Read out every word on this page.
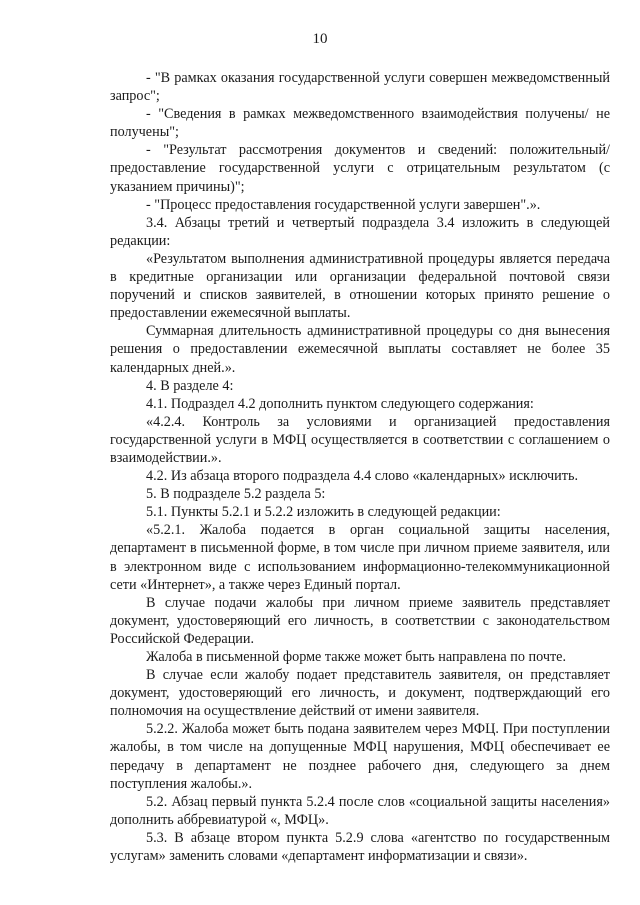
10

- "В рамках оказания государственной услуги совершен межведомственный запрос";

- "Сведения в рамках межведомственного взаимодействия получены/ не получены";

- "Результат рассмотрения документов и сведений: положительный/ предоставление государственной услуги с отрицательным результатом (с указанием причины)";

- "Процесс предоставления государственной услуги завершен".».

3.4. Абзацы третий и четвертый подраздела 3.4 изложить в следующей редакции:

«Результатом выполнения административной процедуры является передача в кредитные организации или организации федеральной почтовой связи поручений и списков заявителей, в отношении которых принято решение о предоставлении ежемесячной выплаты.

Суммарная длительность административной процедуры со дня вынесения решения о предоставлении ежемесячной выплаты составляет не более 35 календарных дней.».

4. В разделе 4:

4.1. Подраздел 4.2 дополнить пунктом следующего содержания:

«4.2.4. Контроль за условиями и организацией предоставления государственной услуги в МФЦ осуществляется в соответствии с соглашением о взаимодействии.».

4.2. Из абзаца второго подраздела 4.4 слово «календарных» исключить.

5. В подразделе 5.2 раздела 5:

5.1. Пункты 5.2.1 и 5.2.2 изложить в следующей редакции:

«5.2.1. Жалоба подается в орган социальной защиты населения, департамент в письменной форме, в том числе при личном приеме заявителя, или в электронном виде с использованием информационно-телекоммуникационной сети «Интернет», а также через Единый портал.

В случае подачи жалобы при личном приеме заявитель представляет документ, удостоверяющий его личность, в соответствии с законодательством Российской Федерации.

Жалоба в письменной форме также может быть направлена по почте.

В случае если жалобу подает представитель заявителя, он представляет документ, удостоверяющий его личность, и документ, подтверждающий его полномочия на осуществление действий от имени заявителя.

5.2.2. Жалоба может быть подана заявителем через МФЦ. При поступлении жалобы, в том числе на допущенные МФЦ нарушения, МФЦ обеспечивает ее передачу в департамент не позднее рабочего дня, следующего за днем поступления жалобы.».

5.2. Абзац первый пункта 5.2.4 после слов «социальной защиты населения» дополнить аббревиатурой «, МФЦ».

5.3. В абзаце втором пункта 5.2.9 слова «агентство по государственным услугам» заменить словами «департамент информатизации и связи».
